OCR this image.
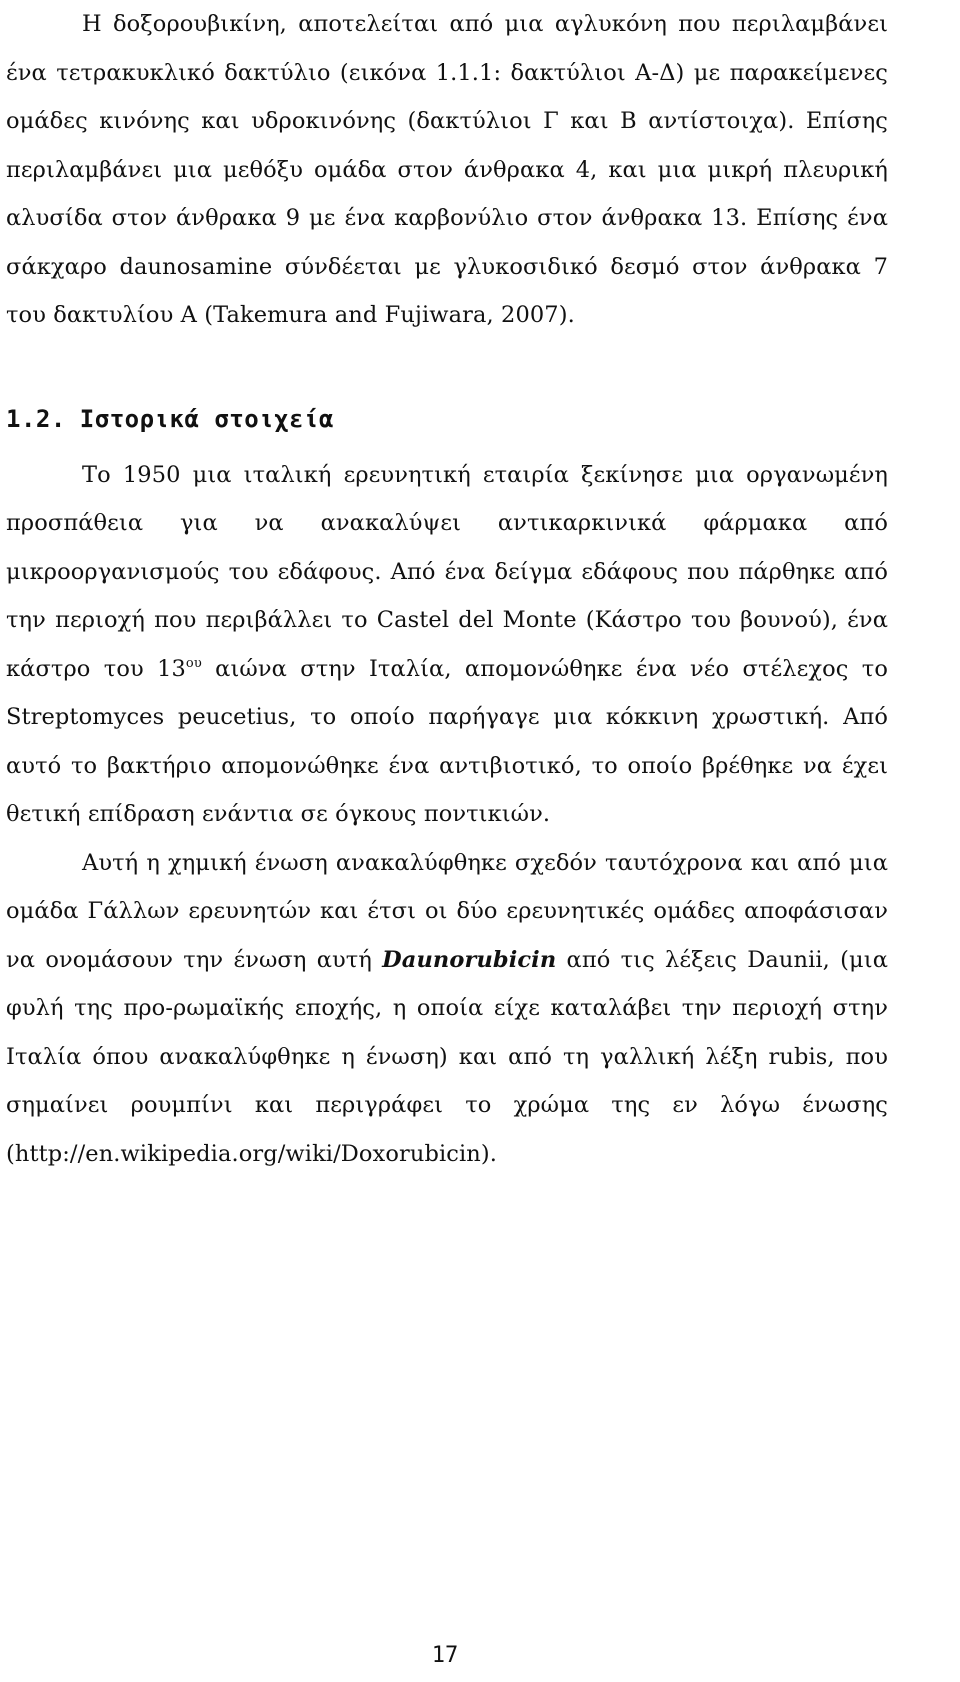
Η δοξορουβικίνη, αποτελείται από μια αγλυκόνη που περιλαμβάνει ένα τετρακυκλικό δακτύλιο (εικόνα 1.1.1: δακτύλιοι Α-Δ) με παρακείμενες ομάδες κινόνης και υδροκινόνης (δακτύλιοι Γ και Β αντίστοιχα). Επίσης περιλαμβάνει μια μεθόξυ ομάδα στον άνθρακα 4, και μια μικρή πλευρική αλυσίδα στον άνθρακα 9 με ένα καρβονύλιο στον άνθρακα 13. Επίσης ένα σάκχαρο daunosamine σύνδέεται με γλυκοσιδικό δεσμό στον άνθρακα 7 του δακτυλίου Α (Takemura and Fujiwara, 2007).

1.2. Ιστορικά στοιχεία

Το 1950 μια ιταλική ερευνητική εταιρία ξεκίνησε μια οργανωμένη προσπάθεια για να ανακαλύψει αντικαρκινικά φάρμακα από μικροοργανισμούς του εδάφους. Από ένα δείγμα εδάφους που πάρθηκε από την περιοχή που περιβάλλει το Castel del Monte (Κάστρο του βουνού), ένα κάστρο του $13^{o\upsilon}$ αιώνα στην Ιταλία, απομονώθηκε ένα νέο στέλεχος το Streptomyces peucetius, το οποίο παρήγαγε μια κόκκινη χρωστική. Από αυτό το βακτήριο απομονώθηκε ένα αντιβιοτικό, το οποίο βρέθηκε να έχει θετική επίδραση ενάντια σε όγκους ποντικιών.

Αυτή η χημική ένωση ανακαλύφθηκε σχεδόν ταυτόχρονα και από μια ομάδα Γάλλων ερευνητών και έτσι οι δύο ερευνητικές ομάδες αποφάσισαν να ονομάσουν την ένωση αυτή Daunorubicin από τις λέξεις Daunii, (μια φυλή της προ-ρωμαϊκής εποχής, η οποία είχε καταλάβει την περιοχή στην Ιταλία όπου ανακαλύφθηκε η ένωση) και από τη γαλλική λέξη rubis, που σημαίνει ρουμπίνι και περιγράφει το χρώμα της εν λόγω ένωσης (http://en.wikipedia.org/wiki/Doxorubicin).

17
